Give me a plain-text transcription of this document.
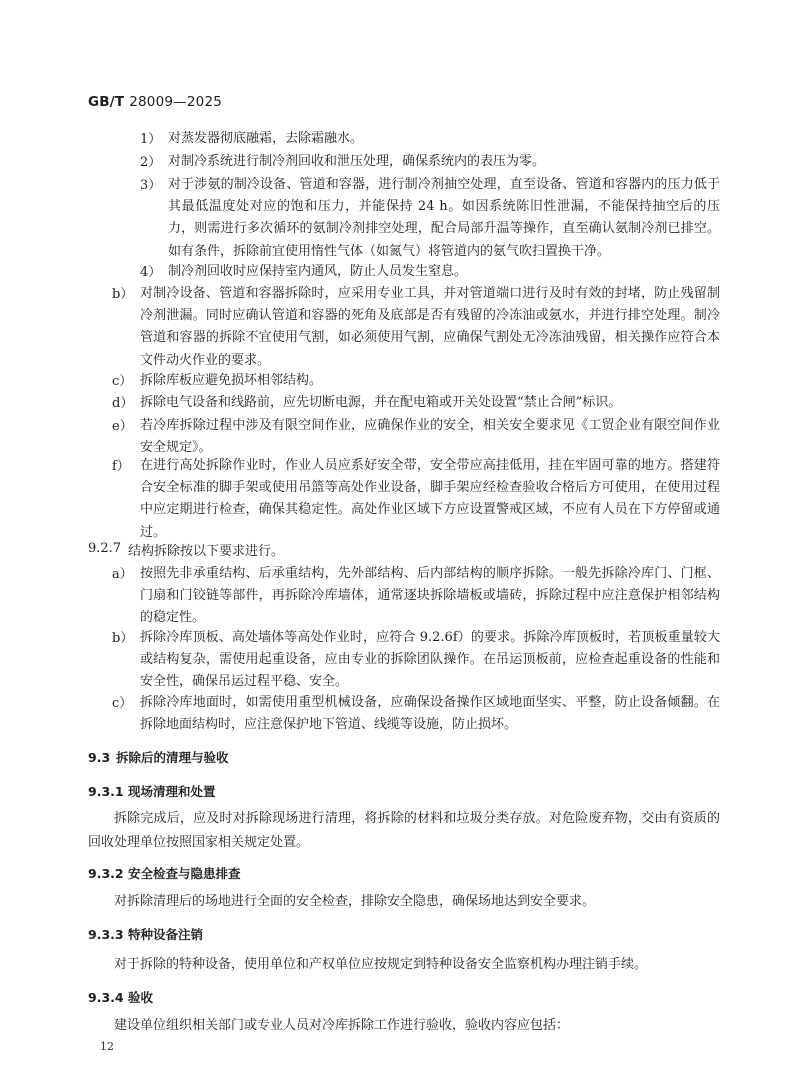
GB/T 28009—2025
1） 对蒸发器彻底融霜，去除霜融水。
2） 对制冷系统进行制冷剂回收和泄压处理，确保系统内的表压为零。
3） 对于涉氨的制冷设备、管道和容器，进行制冷剂抽空处理，直至设备、管道和容器内的压力低于其最低温度处对应的饱和压力，并能保持 24 h。如因系统陈旧性泄漏，不能保持抽空后的压力，则需进行多次循环的氨制冷剂排空处理，配合局部升温等操作，直至确认氨制冷剂已排空。如有条件，拆除前宜使用惰性气体（如氮气）将管道内的氨气吹扫置换干净。
4） 制冷剂回收时应保持室内通风，防止人员发生窒息。
b） 对制冷设备、管道和容器拆除时，应采用专业工具，并对管道端口进行及时有效的封堵，防止残留制冷剂泄漏。同时应确认管道和容器的死角及底部是否有残留的冷冻油或氨水，并进行排空处理。制冷管道和容器的拆除不宜使用气割，如必须使用气割，应确保气割处无冷冻油残留，相关操作应符合本文件动火作业的要求。
c） 拆除库板应避免损坏相邻结构。
d） 拆除电气设备和线路前，应先切断电源，并在配电箱或开关处设置“禁止合闸”标识。
e） 若冷库拆除过程中涉及有限空间作业，应确保作业的安全，相关安全要求见《工贸企业有限空间作业安全规定》。
f） 在进行高处拆除作业时，作业人员应系好安全带，安全带应高挂低用，挂在牢固可靠的地方。搭建符合安全标准的脚手架或使用吊篮等高处作业设备，脚手架应经检查验收合格后方可使用，在使用过程中应定期进行检查，确保其稳定性。高处作业区域下方应设置警戒区域，不应有人员在下方停留或通过。
9.2.7 结构拆除按以下要求进行。
a） 按照先非承重结构、后承重结构，先外部结构、后内部结构的顺序拆除。一般先拆除冷库门、门框、门扇和门铰链等部件，再拆除冷库墙体，通常逐块拆除墙板或墙砖，拆除过程中应注意保护相邻结构的稳定性。
b） 拆除冷库顶板、高处墙体等高处作业时，应符合 9.2.6f）的要求。拆除冷库顶板时，若顶板重量较大或结构复杂，需使用起重设备，应由专业的拆除团队操作。在吊运顶板前，应检查起重设备的性能和安全性，确保吊运过程平稳、安全。
c） 拆除冷库地面时，如需使用重型机械设备，应确保设备操作区域地面坚实、平整，防止设备倾翻。在拆除地面结构时，应注意保护地下管道、线缆等设施，防止损坏。
9.3 拆除后的清理与验收
9.3.1 现场清理和处置
拆除完成后，应及时对拆除现场进行清理，将拆除的材料和垃圾分类存放。对危险废弃物，交由有资质的回收处理单位按照国家相关规定处置。
9.3.2 安全检查与隐患排查
对拆除清理后的场地进行全面的安全检查，排除安全隐患，确保场地达到安全要求。
9.3.3 特种设备注销
对于拆除的特种设备，使用单位和产权单位应按规定到特种设备安全监察机构办理注销手续。
9.3.4 验收
建设单位组织相关部门或专业人员对冷库拆除工作进行验收，验收内容应包括：
12
